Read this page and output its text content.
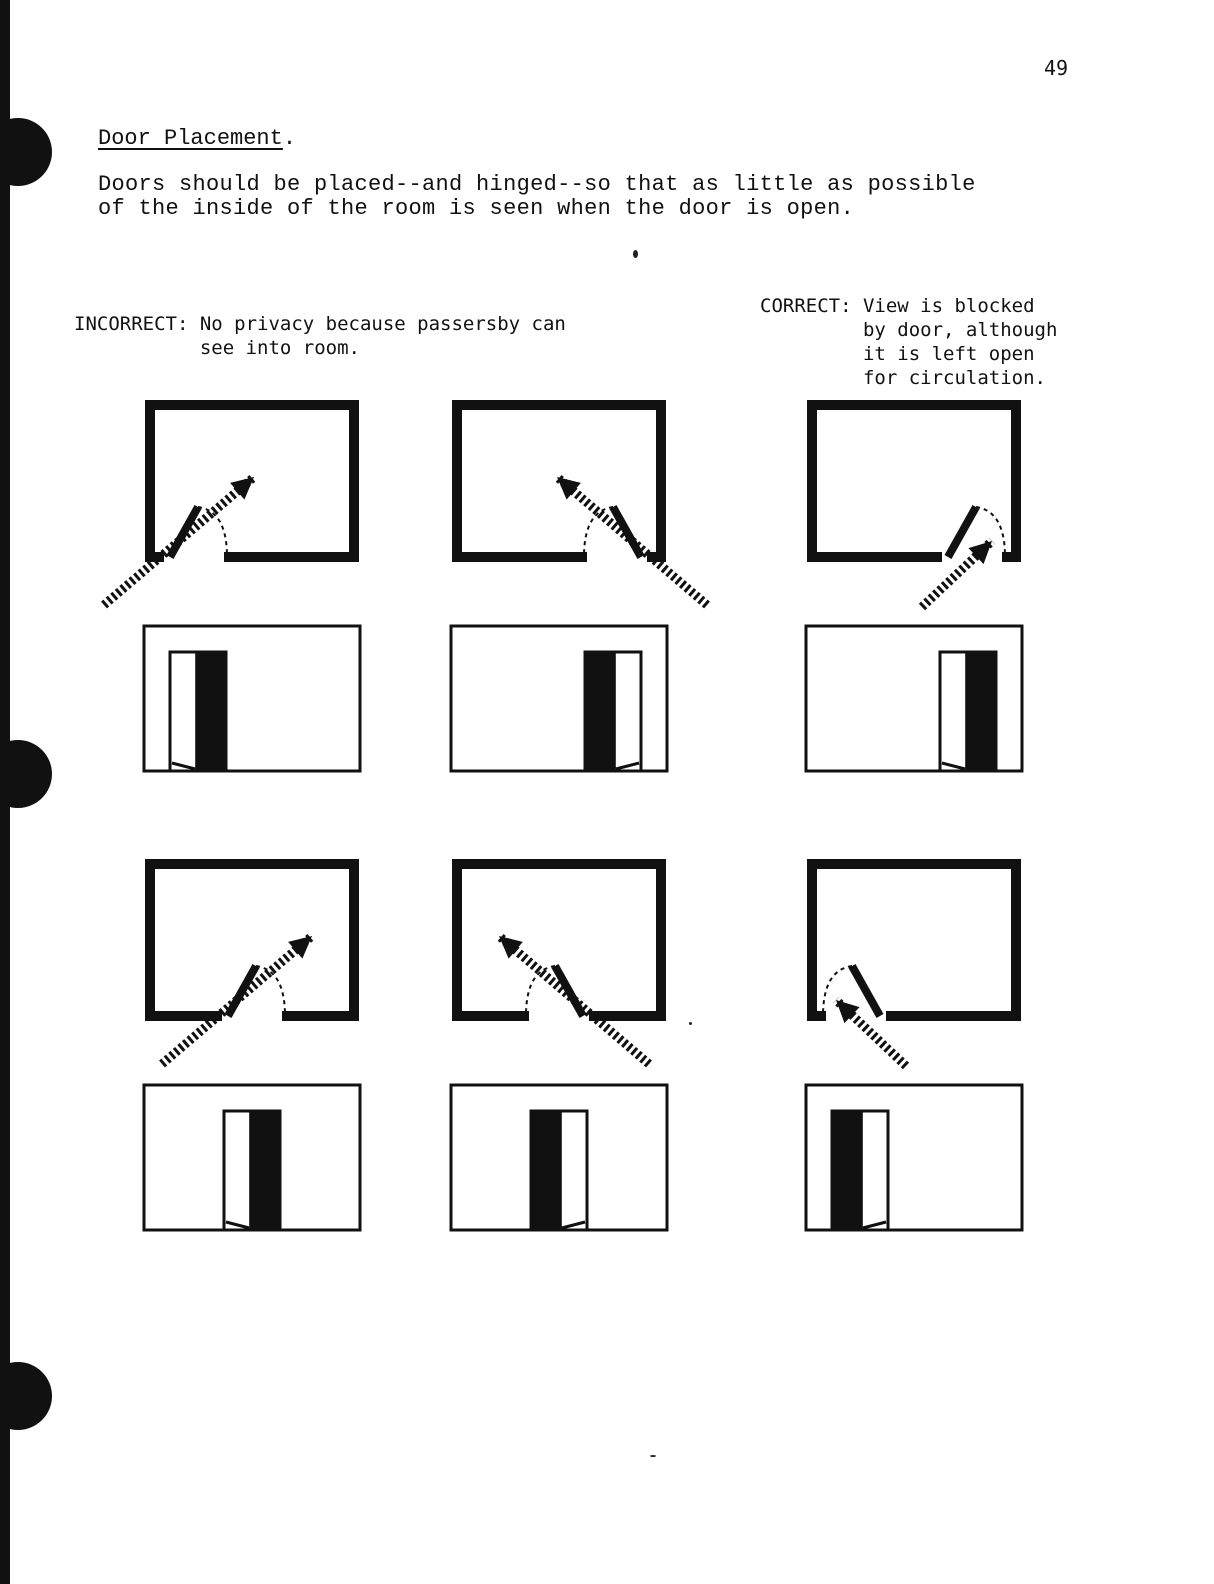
49
Door Placement.
Doors should be placed--and hinged--so that as little as possible
of the inside of the room is seen when the door is open.
INCORRECT: No privacy because passersby can
see into room.
CORRECT: View is blocked
by door, although
it is left open
for circulation.
